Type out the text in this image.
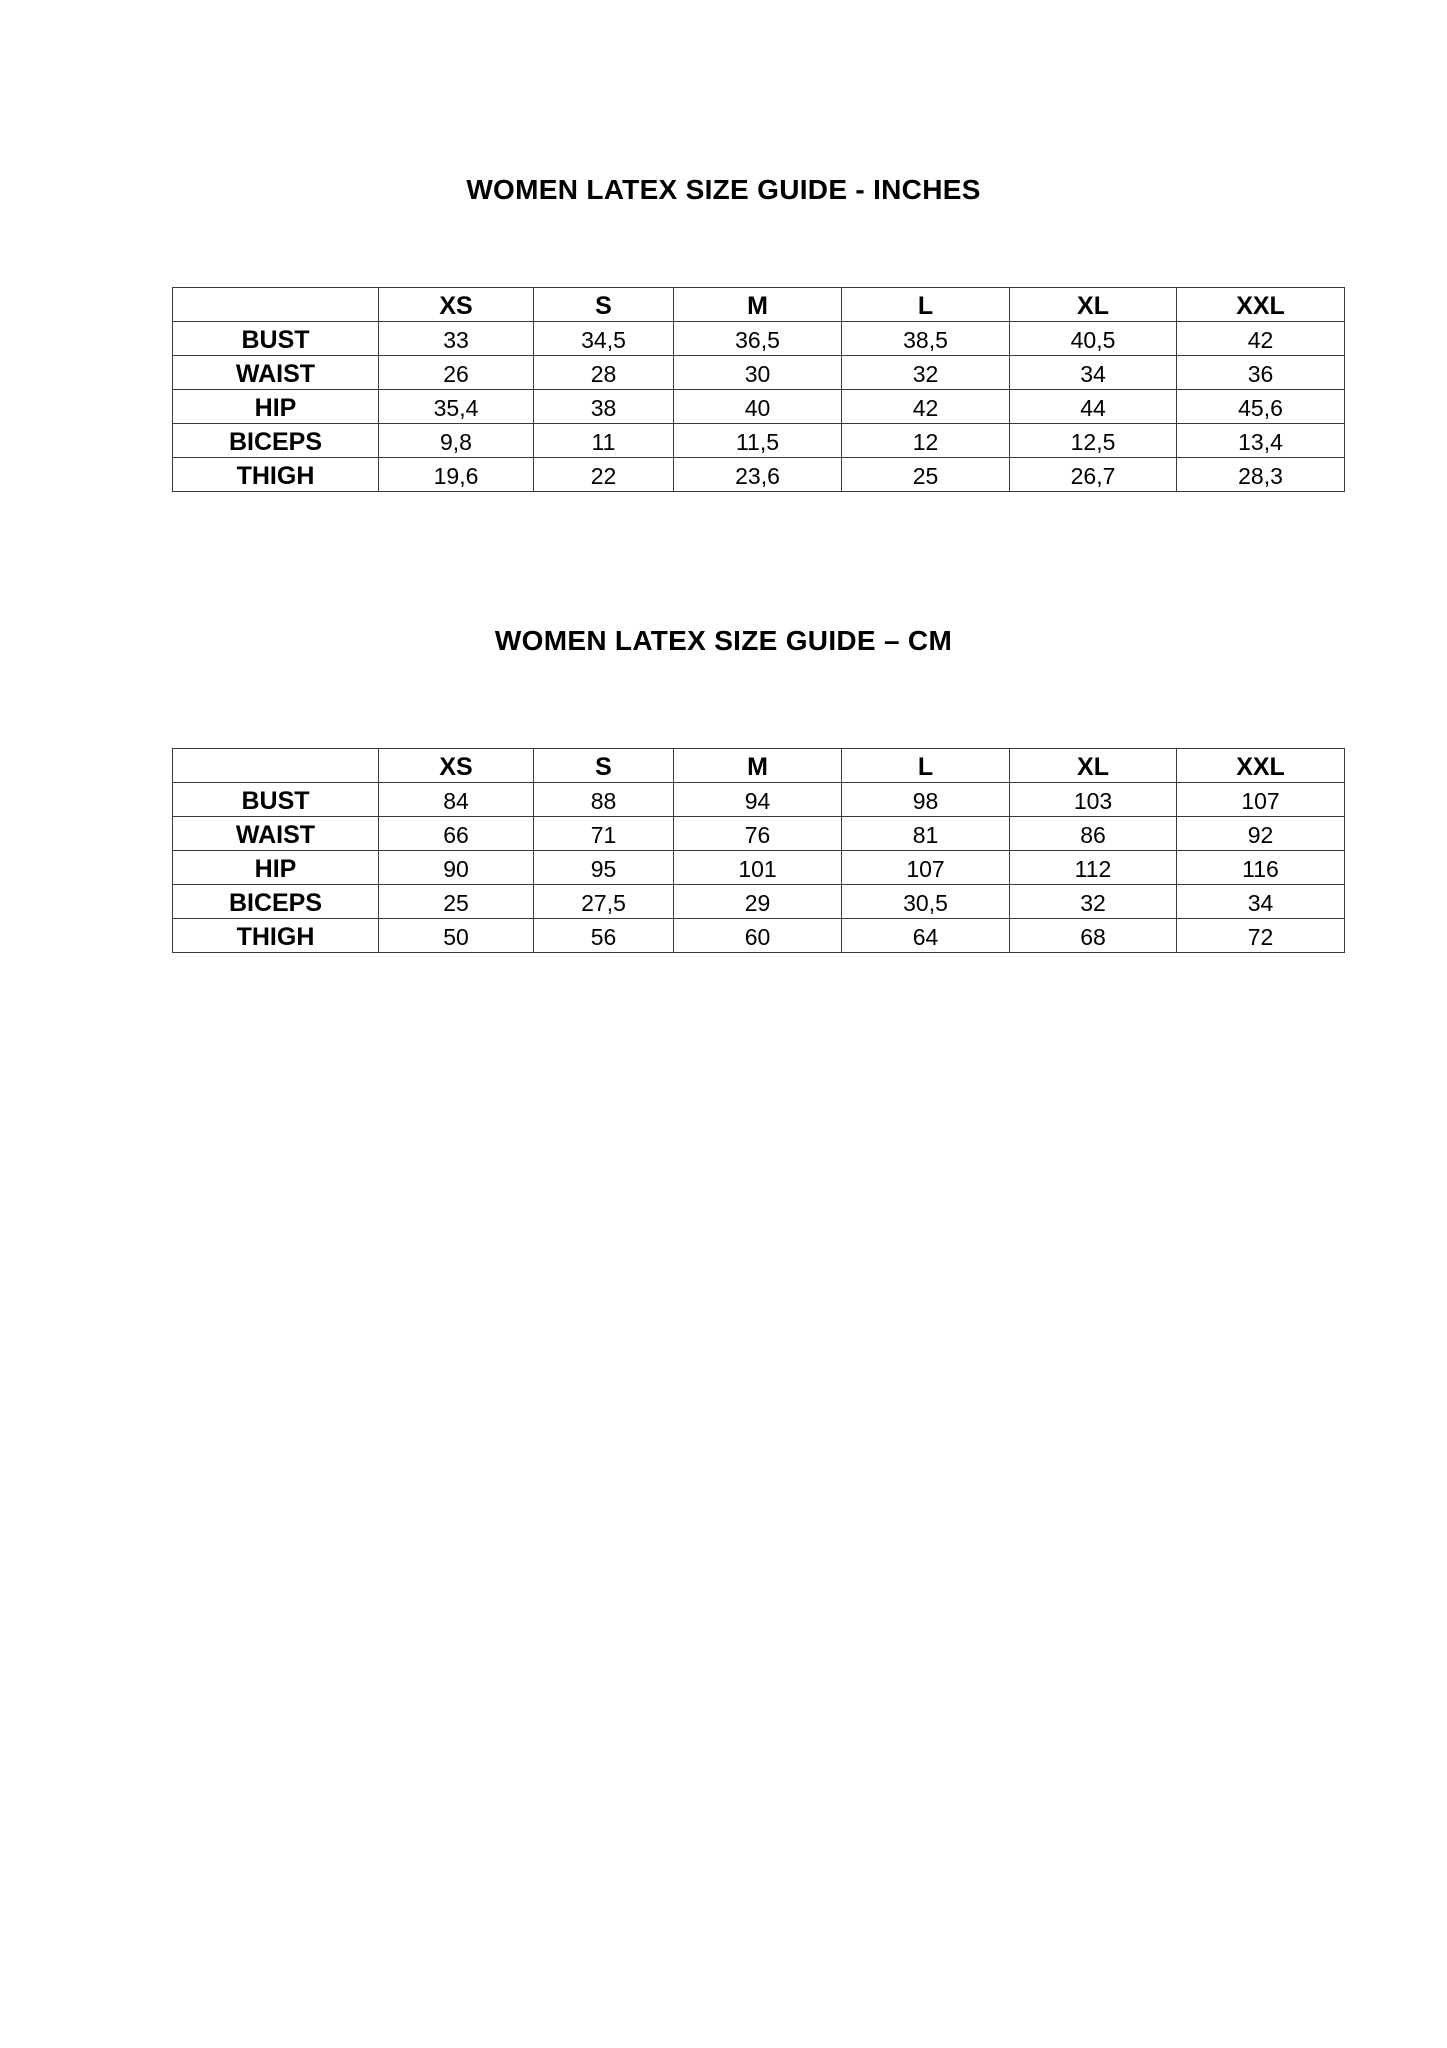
WOMEN LATEX SIZE GUIDE - INCHES
	XS	S	M	L	XL	XXL
BUST	33	34,5	36,5	38,5	40,5	42
WAIST	26	28	30	32	34	36
HIP	35,4	38	40	42	44	45,6
BICEPS	9,8	11	11,5	12	12,5	13,4
THIGH	19,6	22	23,6	25	26,7	28,3
WOMEN LATEX SIZE GUIDE – CM
	XS	S	M	L	XL	XXL
BUST	84	88	94	98	103	107
WAIST	66	71	76	81	86	92
HIP	90	95	101	107	112	116
BICEPS	25	27,5	29	30,5	32	34
THIGH	50	56	60	64	68	72
